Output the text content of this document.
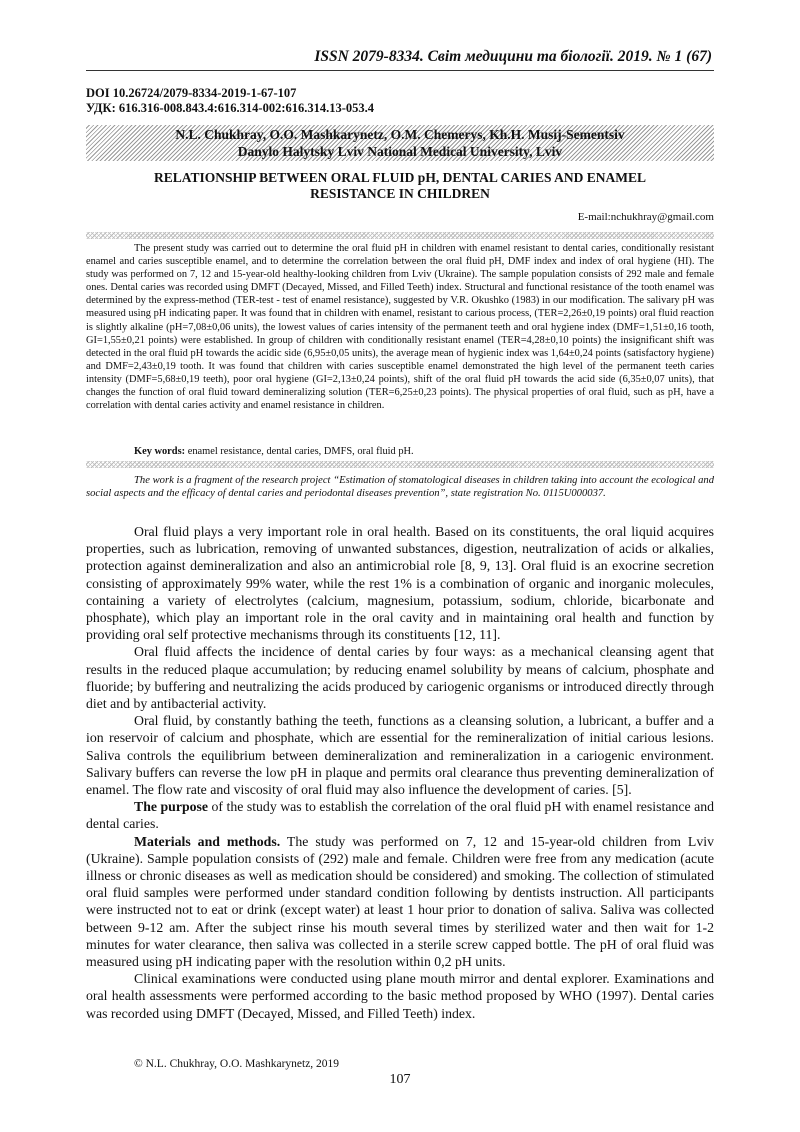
ISSN 2079-8334. Світ медицини та біології. 2019. № 1 (67)
DOI 10.26724/2079-8334-2019-1-67-107
УДК: 616.316-008.843.4:616.314-002:616.314.13-053.4
N.L. Chukhray, O.O. Mashkarynetz, O.M. Chemerys, Kh.H. Musij-Sementsiv
Danylo Halytsky Lviv National Medical University, Lviv
RELATIONSHIP BETWEEN ORAL FLUID pH, DENTAL CARIES AND ENAMEL
RESISTANCE IN CHILDREN
E-mail:nchukhray@gmail.com

The present study was carried out to determine the oral fluid pH in children with enamel resistant to dental caries, conditionally resistant enamel and caries susceptible enamel, and to determine the correlation between the oral fluid pH, DMF index and index of oral hygiene (HI). The study was performed on 7, 12 and 15-year-old healthy-looking children from Lviv (Ukraine). The sample population consists of 292 male and female ones. Dental caries was recorded using DMFT (Decayed, Missed, and Filled Teeth) index. Structural and functional resistance of the tooth enamel was determined by the express-method (TER-test - test of enamel resistance), suggested by V.R. Okushko (1983) in our modification. The salivary pH was measured using pH indicating paper. It was found that in children with enamel, resistant to carious process, (TER=2,26±0,19 points) oral fluid reaction is slightly alkaline (pH=7,08±0,06 units), the lowest values of caries intensity of the permanent teeth and oral hygiene index (DMF=1,51±0,16 tooth, GI=1,55±0,21 points) were established. In group of children with conditionally resistant enamel (TER=4,28±0,10 points) the insignificant shift was detected in the oral fluid pH towards the acidic side (6,95±0,05 units), the average mean of hygienic index was 1,64±0,24 points (satisfactory hygiene) and DMF=2,43±0,19 tooth. It was found that children with caries susceptible enamel demonstrated the high level of the permanent teeth caries intensity (DMF=5,68±0,19 teeth), poor oral hygiene (GI=2,13±0,24 points), shift of the oral fluid pH towards the acid side (6,35±0,07 units), that changes the function of oral fluid toward demineralizing solution (TER=6,25±0,23 points). The physical properties of oral fluid, such as pH, have a correlation with dental caries activity and enamel resistance in children.

Key words: enamel resistance, dental caries, DMFS, oral fluid pH.

The work is a fragment of the research project “Estimation of stomatological diseases in children taking into account the ecological and social aspects and the efficacy of dental caries and periodontal diseases prevention”, state registration No. 0115U000037.

Oral fluid plays a very important role in oral health. Based on its constituents, the oral liquid acquires properties, such as lubrication, removing of unwanted substances, digestion, neutralization of acids or alkalies, protection against demineralization and also an antimicrobial role [8, 9, 13]. Oral fluid is an exocrine secretion consisting of approximately 99% water, while the rest 1% is a combination of organic and inorganic molecules, containing a variety of electrolytes (calcium, magnesium, potassium, sodium, chloride, bicarbonate and phosphate), which play an important role in the oral cavity and in maintaining oral health and function by providing oral self protective mechanisms through its constituents [12, 11].

Oral fluid affects the incidence of dental caries by four ways: as a mechanical cleansing agent that results in the reduced plaque accumulation; by reducing enamel solubility by means of calcium, phosphate and fluoride; by buffering and neutralizing the acids produced by cariogenic organisms or introduced directly through diet and by antibacterial activity.

Oral fluid, by constantly bathing the teeth, functions as a cleansing solution, a lubricant, a buffer and a ion reservoir of calcium and phosphate, which are essential for the remineralization of initial carious lesions. Saliva controls the equilibrium between demineralization and remineralization in a cariogenic environment. Salivary buffers can reverse the low pH in plaque and permits oral clearance thus preventing demineralization of enamel. The flow rate and viscosity of oral fluid may also influence the development of caries. [5].

The purpose of the study was to establish the correlation of the oral fluid pH with enamel resistance and dental caries.

Materials and methods. The study was performed on 7, 12 and 15-year-old children from Lviv (Ukraine). Sample population consists of (292) male and female. Children were free from any medication (acute illness or chronic diseases as well as medication should be considered) and smoking. The collection of stimulated oral fluid samples were performed under standard condition following by dentists instruction. All participants were instructed not to eat or drink (except water) at least 1 hour prior to donation of saliva. Saliva was collected between 9-12 am. After the subject rinse his mouth several times by sterilized water and then wait for 1-2 minutes for water clearance, then saliva was collected in a sterile screw capped bottle. The pH of oral fluid was measured using pH indicating paper with the resolution within 0,2 pH units.

Clinical examinations were conducted using plane mouth mirror and dental explorer. Examinations and oral health assessments were performed according to the basic method proposed by WHO (1997). Dental caries was recorded using DMFT (Decayed, Missed, and Filled Teeth) index.

© N.L. Chukhray, O.O. Mashkarynetz, 2019
107
